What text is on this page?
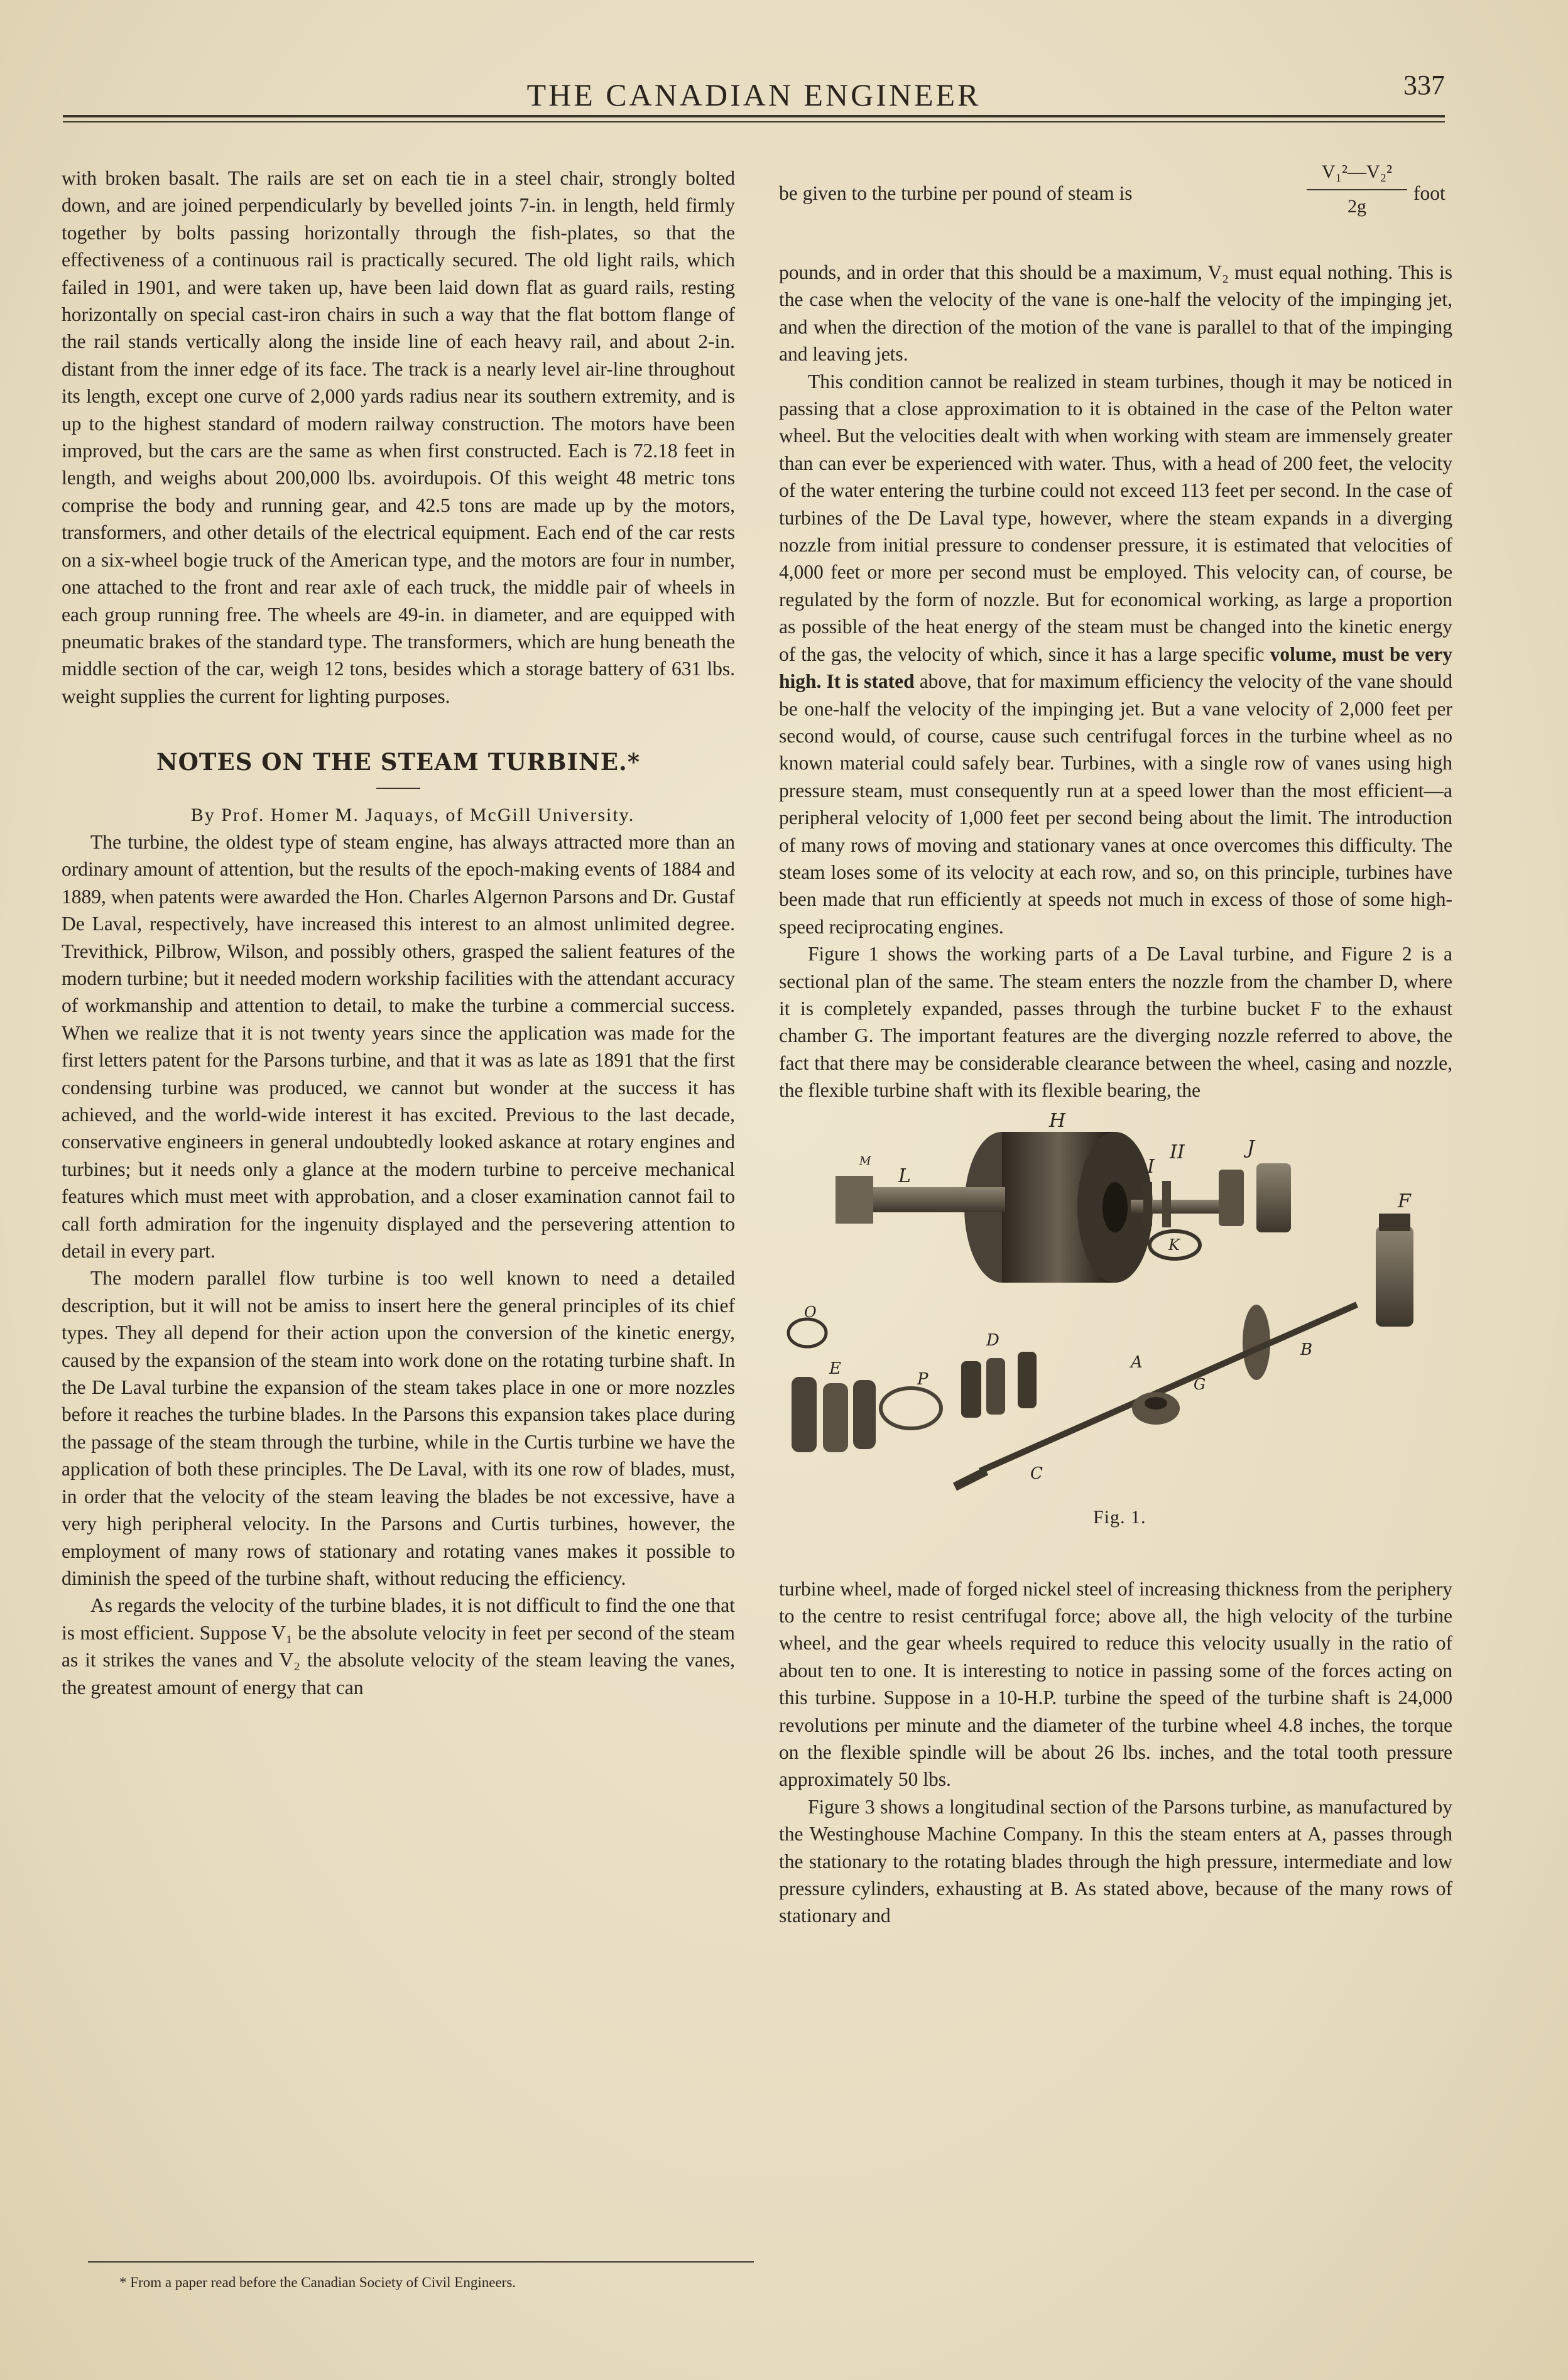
THE CANADIAN ENGINEER	337

with broken basalt. The rails are set on each tie in a steel chair, strongly bolted down, and are joined perpendicularly by bevelled joints 7-in. in length, held firmly together by bolts passing horizontally through the fish-plates, so that the effectiveness of a continuous rail is practically secured. The old light rails, which failed in 1901, and were taken up, have been laid down flat as guard rails, resting horizontally on special cast-iron chairs in such a way that the flat bottom flange of the rail stands vertically along the inside line of each heavy rail, and about 2-in. distant from the inner edge of its face. The track is a nearly level air-line throughout its length, except one curve of 2,000 yards radius near its southern extremity, and is up to the highest standard of modern railway construction. The motors have been improved, but the cars are the same as when first constructed. Each is 72.18 feet in length, and weighs about 200,000 lbs. avoirdupois. Of this weight 48 metric tons comprise the body and running gear, and 42.5 tons are made up by the motors, transformers, and other details of the electrical equipment. Each end of the car rests on a six-wheel bogie truck of the American type, and the motors are four in number, one attached to the front and rear axle of each truck, the middle pair of wheels in each group running free. The wheels are 49-in. in diameter, and are equipped with pneumatic brakes of the standard type. The transformers, which are hung beneath the middle section of the car, weigh 12 tons, besides which a storage battery of 631 lbs. weight supplies the current for lighting purposes.

NOTES ON THE STEAM TURBINE.*

By Prof. Homer M. Jaquays, of McGill University.

The turbine, the oldest type of steam engine, has always attracted more than an ordinary amount of attention, but the results of the epoch-making events of 1884 and 1889, when patents were awarded the Hon. Charles Algernon Parsons and Dr. Gustaf De Laval, respectively, have increased this interest to an almost unlimited degree. Trevithick, Pilbrow, Wilson, and possibly others, grasped the salient features of the modern turbine; but it needed modern workship facilities with the attendant accuracy of workmanship and attention to detail, to make the turbine a commercial success. When we realize that it is not twenty years since the application was made for the first letters patent for the Parsons turbine, and that it was as late as 1891 that the first condensing turbine was produced, we cannot but wonder at the success it has achieved, and the world-wide interest it has excited. Previous to the last decade, conservative engineers in general undoubtedly looked askance at rotary engines and turbines; but it needs only a glance at the modern turbine to perceive mechanical features which must meet with approbation, and a closer examination cannot fail to call forth admiration for the ingenuity displayed and the persevering attention to detail in every part.

The modern parallel flow turbine is too well known to need a detailed description, but it will not be amiss to insert here the general principles of its chief types. They all depend for their action upon the conversion of the kinetic energy, caused by the expansion of the steam into work done on the rotating turbine shaft. In the De Laval turbine the expansion of the steam takes place in one or more nozzles before it reaches the turbine blades. In the Parsons this expansion takes place during the passage of the steam through the turbine, while in the Curtis turbine we have the application of both these principles. The De Laval, with its one row of blades, must, in order that the velocity of the steam leaving the blades be not excessive, have a very high peripheral velocity. In the Parsons and Curtis turbines, however, the employment of many rows of stationary and rotating vanes makes it possible to diminish the speed of the turbine shaft, without reducing the efficiency.

As regards the velocity of the turbine blades, it is not difficult to find the one that is most efficient. Suppose V₁ be the absolute velocity in feet per second of the steam as it strikes the vanes and V₂ the absolute velocity of the steam leaving the vanes, the greatest amount of energy that can

* From a paper read before the Canadian Society of Civil Engineers.
be given to the turbine per pound of steam is
V₁²—V₂²
2g
foot

pounds, and in order that this should be a maximum, V₂ must equal nothing. This is the case when the velocity of the vane is one-half the velocity of the impinging jet, and when the direction of the motion of the vane is parallel to that of the impinging and leaving jets.

This condition cannot be realized in steam turbines, though it may be noticed in passing that a close approximation to it is obtained in the case of the Pelton water wheel. But the velocities dealt with when working with steam are immensely greater than can ever be experienced with water. Thus, with a head of 200 feet, the velocity of the water entering the turbine could not exceed 113 feet per second. In the case of turbines of the De Laval type, however, where the steam expands in a diverging nozzle from initial pressure to condenser pressure, it is estimated that velocities of 4,000 feet or more per second must be employed. This velocity can, of course, be regulated by the form of nozzle. But for economical working, as large a proportion as possible of the heat energy of the steam must be changed into the kinetic energy of the gas, the velocity of which, since it has a large specific volume, must be very high. It is stated above, that for maximum efficiency the velocity of the vane should be one-half the velocity of the impinging jet. But a vane velocity of 2,000 feet per second would, of course, cause such centrifugal forces in the turbine wheel as no known material could safely bear. Turbines, with a single row of vanes using high pressure steam, must consequently run at a speed lower than the most efficient—a peripheral velocity of 1,000 feet per second being about the limit. The introduction of many rows of moving and stationary vanes at once overcomes this difficulty. The steam loses some of its velocity at each row, and so, on this principle, turbines have been made that run efficiently at speeds not much in excess of those of some high-speed reciprocating engines.

Figure 1 shows the working parts of a De Laval turbine, and Figure 2 is a sectional plan of the same. The steam enters the nozzle from the chamber D, where it is completely expanded, passes through the turbine bucket F to the exhaust chamber G. The important features are the diverging nozzle referred to above, the fact that there may be considerable clearance between the wheel, casing and nozzle, the flexible turbine shaft with its flexible bearing, the

H
L	I
II	J
K
F
O
E
P
D
A
B
G
C
M
Fig. 1.

turbine wheel, made of forged nickel steel of increasing thickness from the periphery to the centre to resist centrifugal force; above all, the high velocity of the turbine wheel, and the gear wheels required to reduce this velocity usually in the ratio of about ten to one. It is interesting to notice in passing some of the forces acting on this turbine. Suppose in a 10-H.P. turbine the speed of the turbine shaft is 24,000 revolutions per minute and the diameter of the turbine wheel 4.8 inches, the torque on the flexible spindle will be about 26 lbs. inches, and the total tooth pressure approximately 50 lbs.

Figure 3 shows a longitudinal section of the Parsons turbine, as manufactured by the Westinghouse Machine Company. In this the steam enters at A, passes through the stationary to the rotating blades through the high pressure, intermediate and low pressure cylinders, exhausting at B. As stated above, because of the many rows of stationary and
